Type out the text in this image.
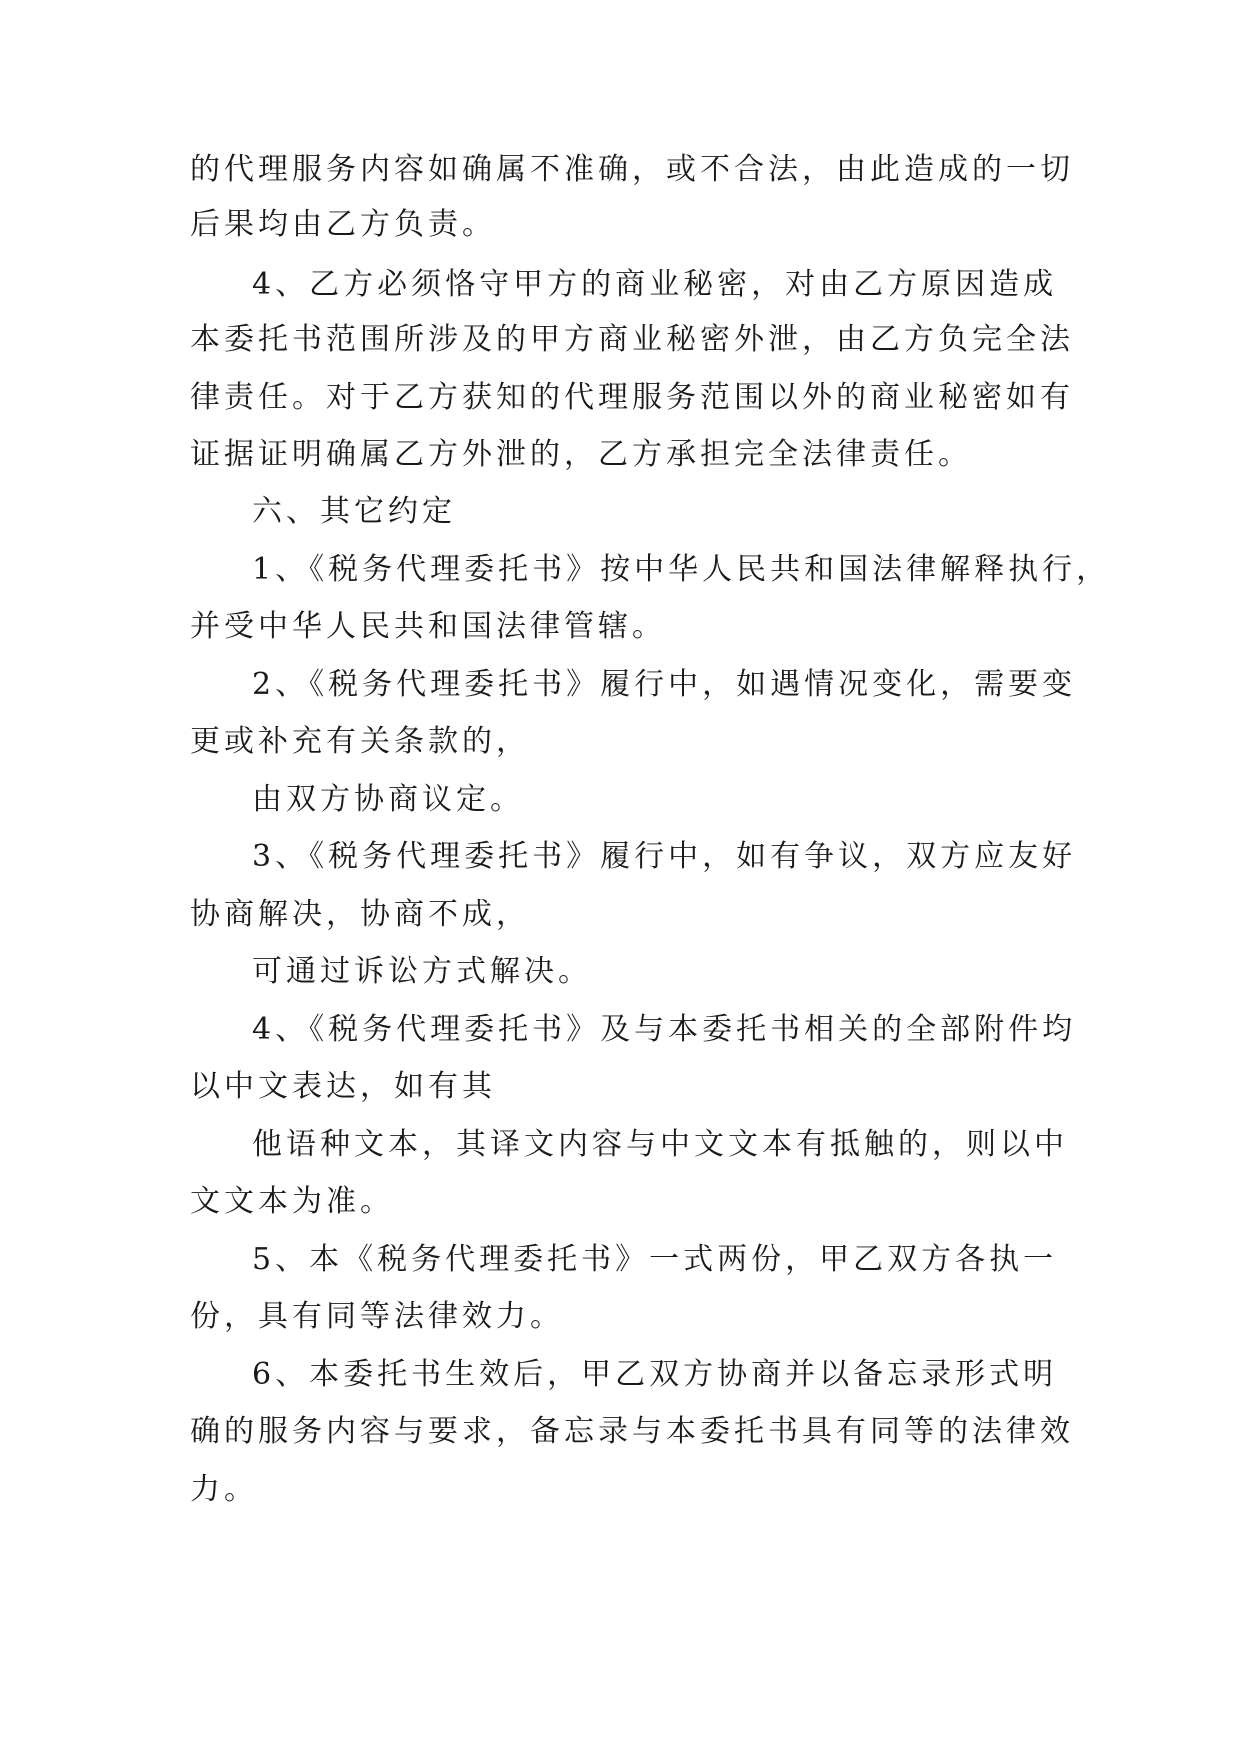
的代理服务内容如确属不准确，或不合法，由此造成的一切

后果均由乙方负责。

4、乙方必须恪守甲方的商业秘密，对由乙方原因造成

本委托书范围所涉及的甲方商业秘密外泄，由乙方负完全法

律责任。对于乙方获知的代理服务范围以外的商业秘密如有

证据证明确属乙方外泄的，乙方承担完全法律责任。

六、其它约定

1、《税务代理委托书》按中华人民共和国法律解释执行，

并受中华人民共和国法律管辖。

2、《税务代理委托书》履行中，如遇情况变化，需要变

更或补充有关条款的，

由双方协商议定。

3、《税务代理委托书》履行中，如有争议，双方应友好

协商解决，协商不成，

可通过诉讼方式解决。

4、《税务代理委托书》及与本委托书相关的全部附件均

以中文表达，如有其

他语种文本，其译文内容与中文文本有抵触的，则以中

文文本为准。

5、本《税务代理委托书》一式两份，甲乙双方各执一

份，具有同等法律效力。

6、本委托书生效后，甲乙双方协商并以备忘录形式明

确的服务内容与要求，备忘录与本委托书具有同等的法律效

力。
